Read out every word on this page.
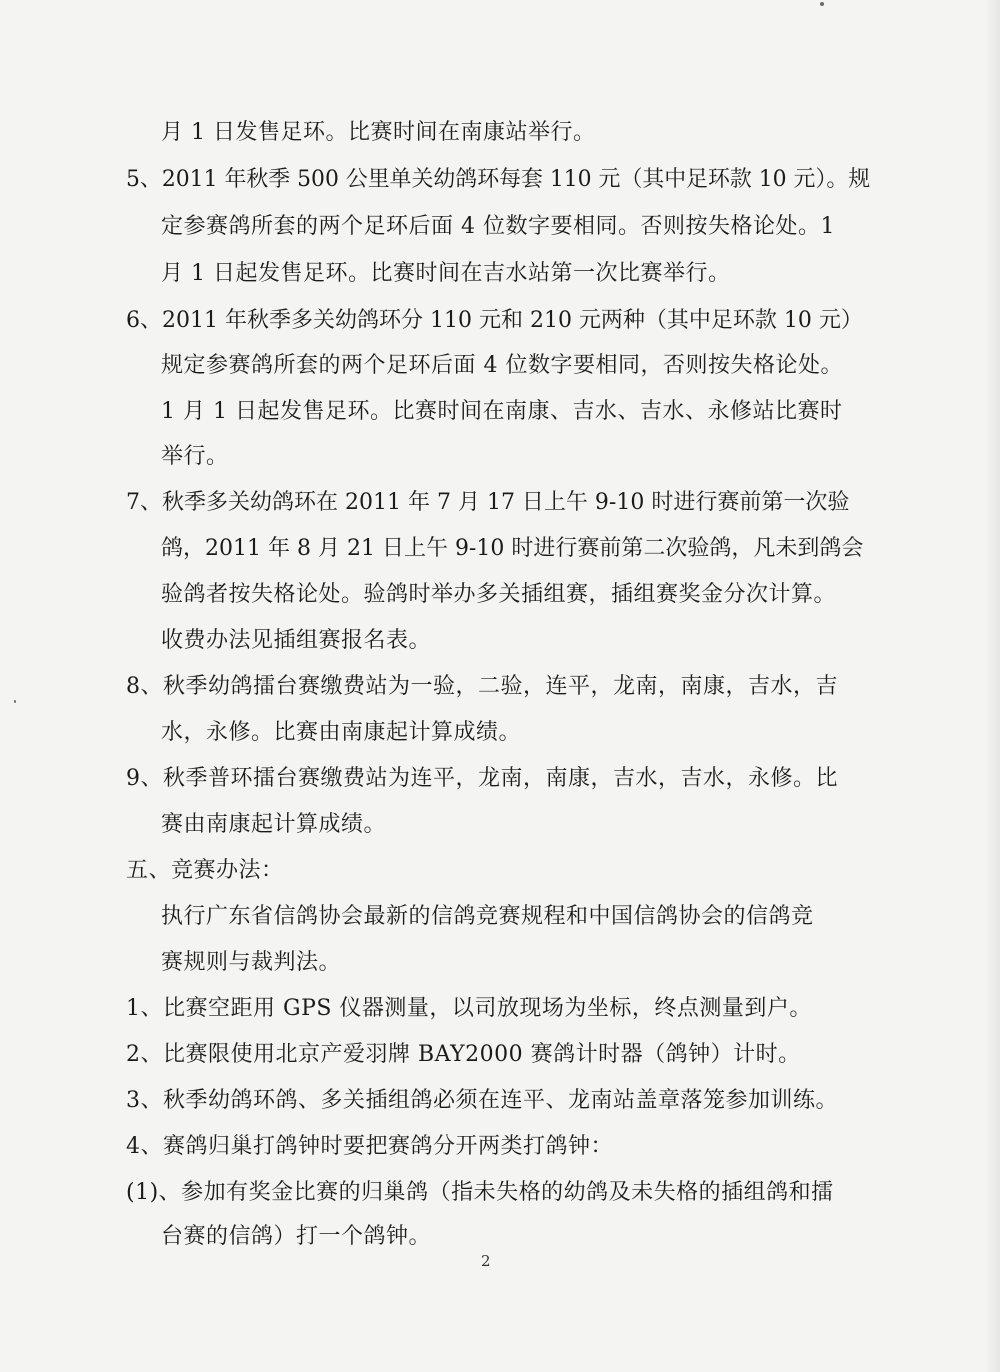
月 1 日发售足环。比赛时间在南康站举行。
5、2011 年秋季 500 公里单关幼鸽环每套 110 元（其中足环款 10 元）。规
定参赛鸽所套的两个足环后面 4 位数字要相同。否则按失格论处。1
月 1 日起发售足环。比赛时间在吉水站第一次比赛举行。
6、2011 年秋季多关幼鸽环分 110 元和 210 元两种（其中足环款 10 元）
规定参赛鸽所套的两个足环后面 4 位数字要相同，否则按失格论处。
1 月 1 日起发售足环。比赛时间在南康、吉水、吉水、永修站比赛时
举行。
7、秋季多关幼鸽环在 2011 年 7 月 17 日上午 9-10 时进行赛前第一次验
鸽，2011 年 8 月 21 日上午 9-10 时进行赛前第二次验鸽，凡未到鸽会
验鸽者按失格论处。验鸽时举办多关插组赛，插组赛奖金分次计算。
收费办法见插组赛报名表。
8、秋季幼鸽擂台赛缴费站为一验，二验，连平，龙南，南康，吉水，吉
水，永修。比赛由南康起计算成绩。
9、秋季普环擂台赛缴费站为连平，龙南，南康，吉水，吉水，永修。比
赛由南康起计算成绩。
五、竞赛办法：
执行广东省信鸽协会最新的信鸽竞赛规程和中国信鸽协会的信鸽竞
赛规则与裁判法。
1、比赛空距用 GPS 仪器测量，以司放现场为坐标，终点测量到户。
2、比赛限使用北京产爱羽牌 BAY2000 赛鸽计时器（鸽钟）计时。
3、秋季幼鸽环鸽、多关插组鸽必须在连平、龙南站盖章落笼参加训练。
4、赛鸽归巢打鸽钟时要把赛鸽分开两类打鸽钟：
(1)、参加有奖金比赛的归巢鸽（指未失格的幼鸽及未失格的插组鸽和擂
台赛的信鸽）打一个鸽钟。
2
